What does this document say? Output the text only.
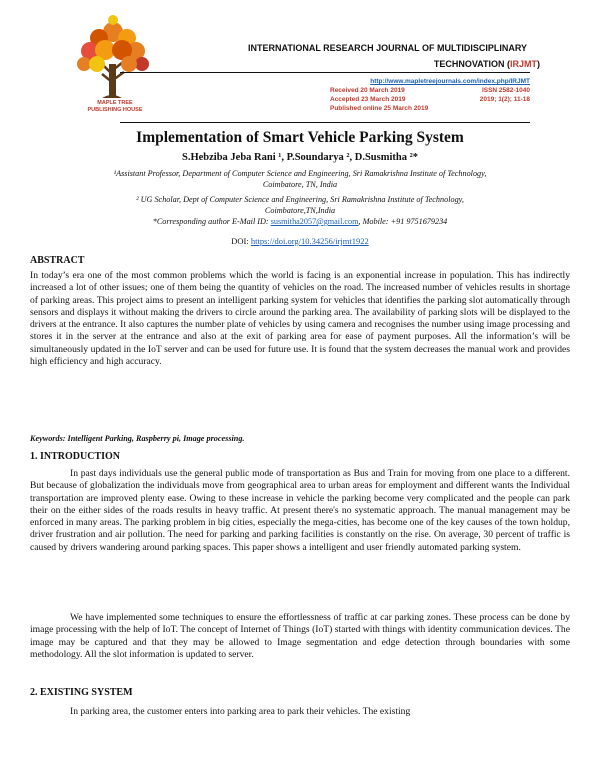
MAPLE TREE
PUBLISHING HOUSE
INTERNATIONAL RESEARCH JOURNAL OF MULTIDISCIPLINARY
TECHNOVATION (IRJMT)
http://www.mapletreejournals.com/index.php/IRJMT
Received 20 March 2019	ISSN 2582-1040
Accepted 23 March 2019	2019; 1(2); 11-18
Published online 25 March 2019
Implementation of Smart Vehicle Parking System
S.Hebziba Jeba Rani ¹, P.Soundarya ², D.Susmitha ²*
¹Assistant Professor, Department of Computer Science and Engineering, Sri Ramakrishna Institute of Technology,
Coimbatore, TN, India
² UG Scholar, Dept of Computer Science and Engineering, Sri Ramakrishna Institute of Technology,
Coimbatore,TN,India
*Corresponding author E-Mail ID: susmitha2057@gmail.com, Mobile: +91 9751679234
DOI: https://doi.org/10.34256/irjmt1922
ABSTRACT
In today’s era one of the most common problems which the world is facing is an exponential increase in population. This has indirectly increased a lot of other issues; one of them being the quantity of vehicles on the road. The increased number of vehicles results in shortage of parking areas. This project aims to present an intelligent parking system for vehicles that identifies the parking slot automatically through sensors and displays it without making the drivers to circle around the parking area. The availability of parking slots will be displayed to the drivers at the entrance. It also captures the number plate of vehicles by using camera and recognises the number using image processing and stores it in the server at the entrance and also at the exit of parking area for ease of payment purposes. All the information’s will be simultaneously updated in the IoT server and can be used for future use. It is found that the system decreases the manual work and provides high efficiency and high accuracy.
Keywords: Intelligent Parking, Raspberry pi, Image processing.
1. INTRODUCTION
In past days individuals use the general public mode of transportation as Bus and Train for moving from one place to a different. But because of globalization the individuals move from geographical area to urban areas for employment and different wants the Individual transportation are improved plenty ease. Owing to these increase in vehicle the parking become very complicated and the people can park their on the either sides of the roads results in heavy traffic. At present there's no systematic approach. The manual management may be enforced in many areas. The parking problem in big cities, especially the mega-cities, has become one of the key causes of the town holdup, driver frustration and air pollution. The need for parking and parking facilities is constantly on the rise. On average, 30 percent of traffic is caused by drivers wandering around parking spaces. This paper shows a intelligent and user friendly automated parking system.
We have implemented some techniques to ensure the effortlessness of traffic at car parking zones. These process can be done by image processing with the help of IoT. The concept of Internet of Things (IoT) started with things with identity communication devices. The image may be captured and that they may be allowed to Image segmentation and edge detection through boundaries with some methodology. All the slot information is updated to server.
2. EXISTING SYSTEM
In parking area, the customer enters into parking area to park their vehicles. The existing
